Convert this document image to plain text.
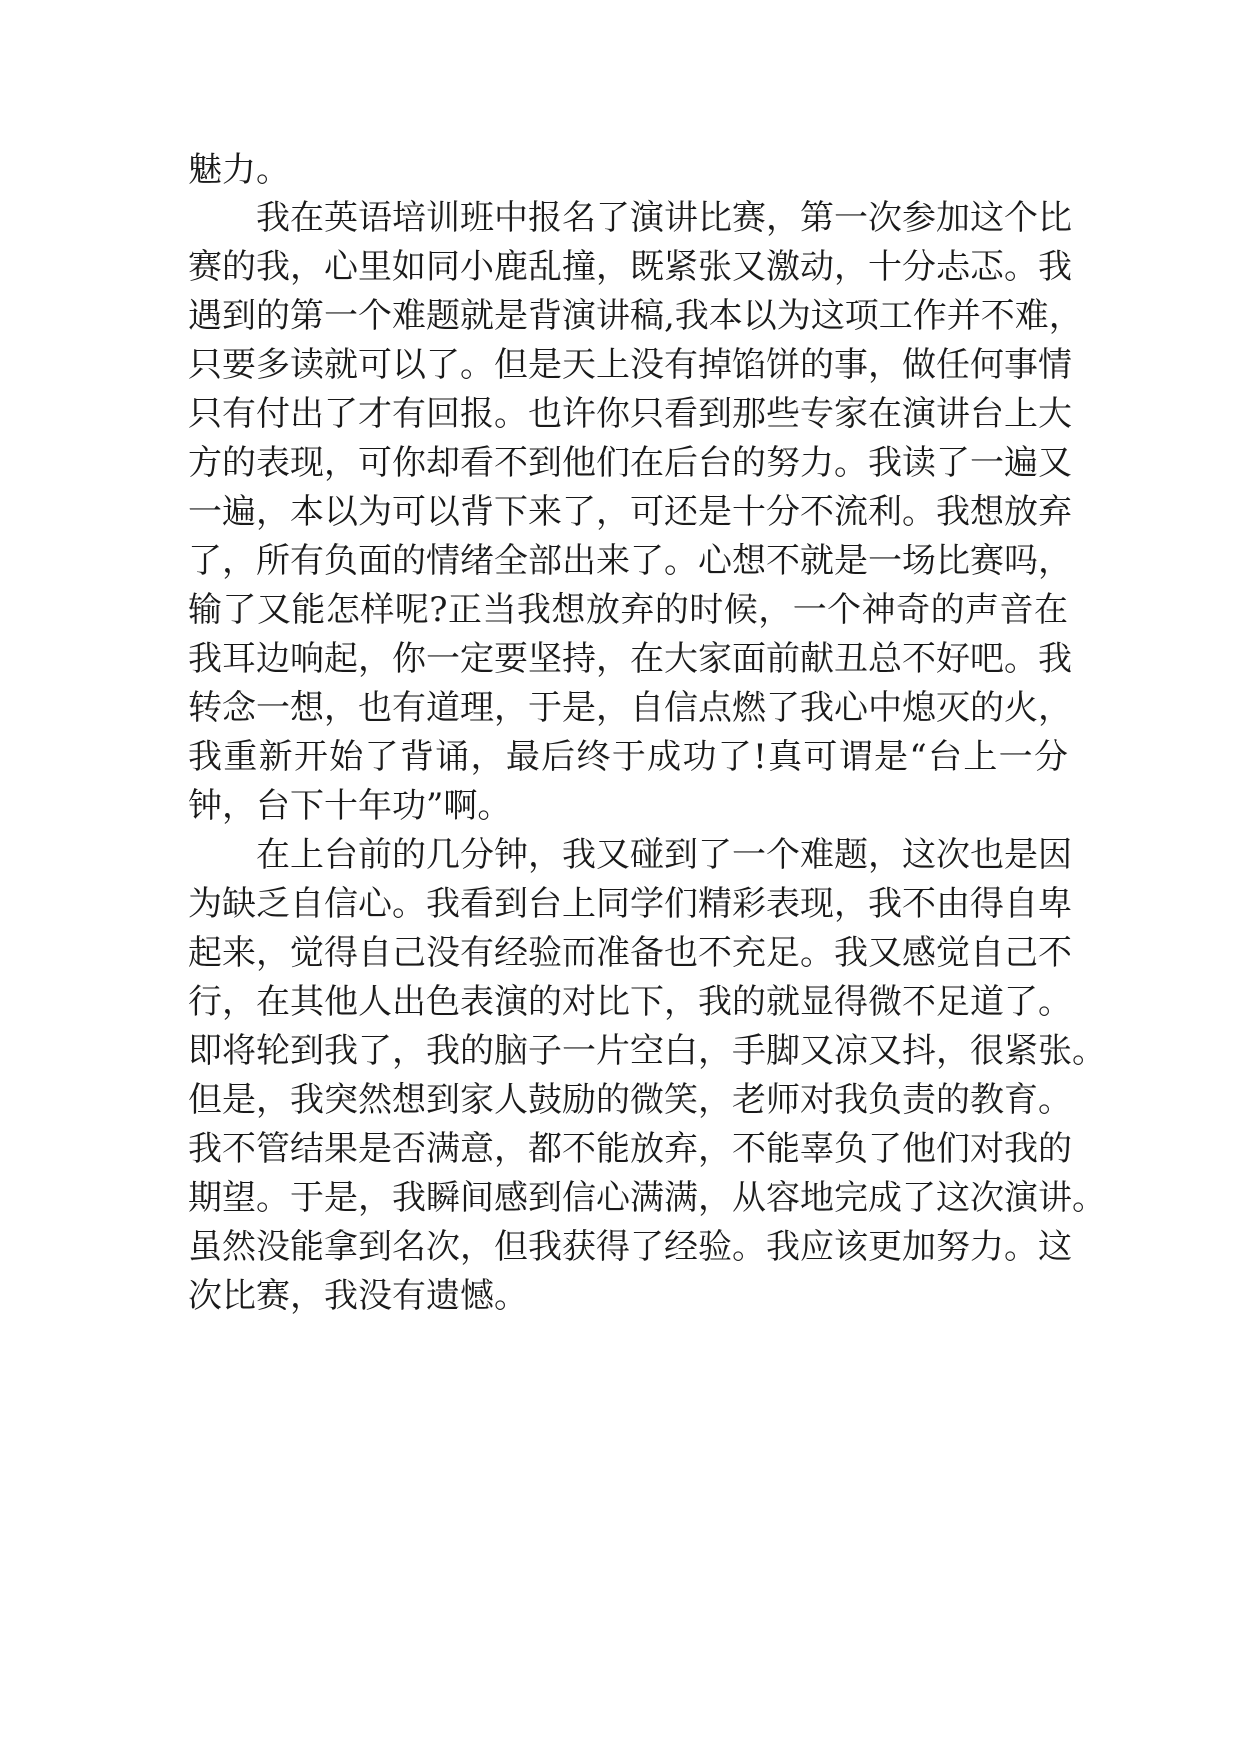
魅力。
我在英语培训班中报名了演讲比赛，第一次参加这个比
赛的我，心里如同小鹿乱撞，既紧张又激动，十分忐忑。我
遇到的第一个难题就是背演讲稿,我本以为这项工作并不难，
只要多读就可以了。但是天上没有掉馅饼的事，做任何事情
只有付出了才有回报。也许你只看到那些专家在演讲台上大
方的表现，可你却看不到他们在后台的努力。我读了一遍又
一遍，本以为可以背下来了，可还是十分不流利。我想放弃
了，所有负面的情绪全部出来了。心想不就是一场比赛吗，
输了又能怎样呢?正当我想放弃的时候，一个神奇的声音在
我耳边响起，你一定要坚持，在大家面前献丑总不好吧。我
转念一想，也有道理，于是，自信点燃了我心中熄灭的火，
我重新开始了背诵，最后终于成功了!真可谓是“台上一分
钟，台下十年功”啊。
在上台前的几分钟，我又碰到了一个难题，这次也是因
为缺乏自信心。我看到台上同学们精彩表现，我不由得自卑
起来，觉得自己没有经验而准备也不充足。我又感觉自己不
行，在其他人出色表演的对比下，我的就显得微不足道了。
即将轮到我了，我的脑子一片空白，手脚又凉又抖，很紧张。
但是，我突然想到家人鼓励的微笑，老师对我负责的教育。
我不管结果是否满意，都不能放弃，不能辜负了他们对我的
期望。于是，我瞬间感到信心满满，从容地完成了这次演讲。
虽然没能拿到名次，但我获得了经验。我应该更加努力。这
次比赛，我没有遗憾。
